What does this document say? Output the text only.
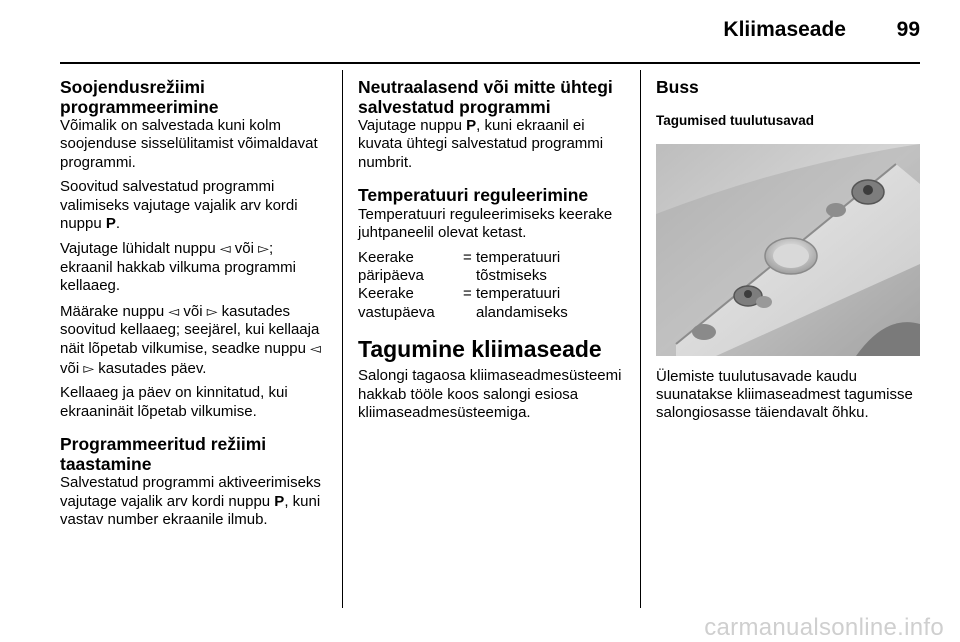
Kliimaseade	99
Soojendusrežiimi programmeerimine

Võimalik on salvestada kuni kolm soojenduse sisselülitamist võimaldavat programmi.

Soovitud salvestatud programmi valimiseks vajutage vajalik arv kordi nuppu P.

Vajutage lühidalt nuppu ◅ või ▻; ekraanil hakkab vilkuma programmi kellaaeg.

Määrake nuppu ◅ või ▻ kasutades soovitud kellaaeg; seejärel, kui kellaaja näit lõpetab vilkumise, seadke nuppu ◅ või ▻ kasutades päev.

Kellaaeg ja päev on kinnitatud, kui ekraaninäit lõpetab vilkumise.

Programmeeritud režiimi taastamine

Salvestatud programmi aktiveerimiseks vajutage vajalik arv kordi nuppu P, kuni vastav number ekraanile ilmub.

Neutraalasend või mitte ühtegi salvestatud programmi

Vajutage nuppu P, kuni ekraanil ei kuvata ühtegi salvestatud programmi numbrit.

Temperatuuri reguleerimine

Temperatuuri reguleerimiseks keerake juhtpaneelil olevat ketast.

Keerake päripäeva	=	temperatuuri tõstmiseks
Keerake vastupäeva	=	temperatuuri alandamiseks
Tagumine kliimaseade

Salongi tagaosa kliimaseadmesüsteemi hakkab tööle koos salongi esiosa kliimaseadmesüsteemiga.

Buss
Tagumised tuulutusavad

Ülemiste tuulutusavade kaudu suunatakse kliimaseadmest tagumisse salongiosasse täiendavalt õhku.

carmanualsonline.info
